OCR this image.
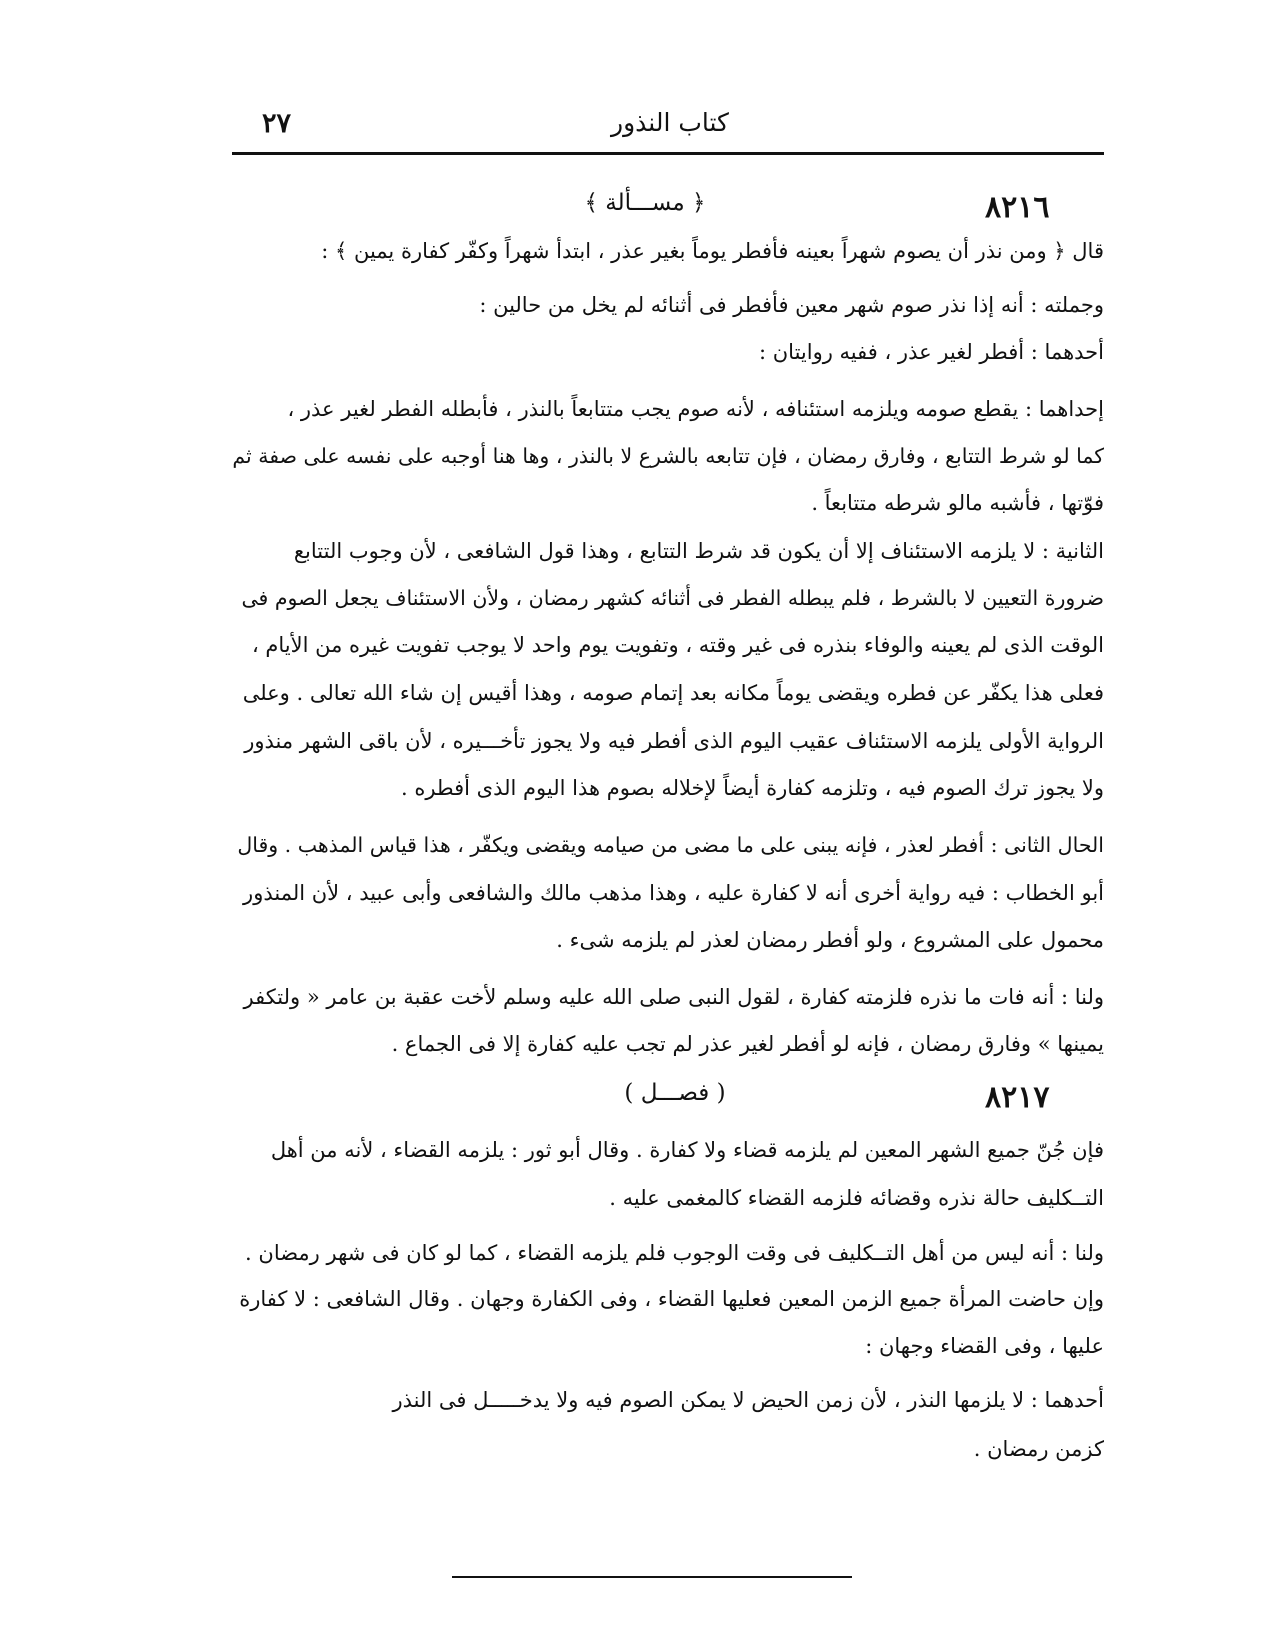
كتاب النذور
٢٧
٨٢١٦
﴿ مســـألة ﴾
قال ﴿ ومن نذر أن يصوم شهراً بعينه فأفطر يوماً بغير عذر ، ابتدأ شهراً وكفّر كفارة يمين ﴾ :
وجملته : أنه إذا نذر صوم شهر معين فأفطر فى أثنائه لم يخل من حالين :
أحدهما : أفطر لغير عذر ، ففيه روايتان :
إحداهما : يقطع صومه ويلزمه استئنافه ، لأنه صوم يجب متتابعاً بالنذر ، فأبطله الفطر لغير عذر ،
كما لو شرط التتابع ، وفارق رمضان ، فإن تتابعه بالشرع لا بالنذر ، وها هنا أوجبه على نفسه على صفة ثم
فوّتها ، فأشبه مالو شرطه متتابعاً .
الثانية : لا يلزمه الاستئناف إلا أن يكون قد شرط التتابع ، وهذا قول الشافعى ، لأن وجوب التتابع
ضرورة التعيين لا بالشرط ، فلم يبطله الفطر فى أثنائه كشهر رمضان ، ولأن الاستئناف يجعل الصوم فى
الوقت الذى لم يعينه والوفاء بنذره فى غير وقته ، وتفويت يوم واحد لا يوجب تفويت غيره من الأيام ،
فعلى هذا يكفّر عن فطره ويقضى يوماً مكانه بعد إتمام صومه ، وهذا أقيس إن شاء الله تعالى . وعلى
الرواية الأولى يلزمه الاستئناف عقيب اليوم الذى أفطر فيه ولا يجوز تأخـــيره ، لأن باقى الشهر منذور
ولا يجوز ترك الصوم فيه ، وتلزمه كفارة أيضاً لإخلاله بصوم هذا اليوم الذى أفطره .
الحال الثانى : أفطر لعذر ، فإنه يبنى على ما مضى من صيامه ويقضى ويكفّر ، هذا قياس المذهب . وقال
أبو الخطاب : فيه رواية أخرى أنه لا كفارة عليه ، وهذا مذهب مالك والشافعى وأبى عبيد ، لأن المنذور
محمول على المشروع ، ولو أفطر رمضان لعذر لم يلزمه شىء .
ولنا : أنه فات ما نذره فلزمته كفارة ، لقول النبى صلى الله عليه وسلم لأخت عقبة بن عامر « ولتكفر
يمينها » وفارق رمضان ، فإنه لو أفطر لغير عذر لم تجب عليه كفارة إلا فى الجماع .
٨٢١٧
( فصـــل )
فإن جُنّ جميع الشهر المعين لم يلزمه قضاء ولا كفارة . وقال أبو ثور : يلزمه القضاء ، لأنه من أهل
التــكليف حالة نذره وقضائه فلزمه القضاء كالمغمى عليه .
ولنا : أنه ليس من أهل التــكليف فى وقت الوجوب فلم يلزمه القضاء ، كما لو كان فى شهر رمضان .
وإن حاضت المرأة جميع الزمن المعين فعليها القضاء ، وفى الكفارة وجهان . وقال الشافعى : لا كفارة
عليها ، وفى القضاء وجهان :
أحدهما : لا يلزمها النذر ، لأن زمن الحيض لا يمكن الصوم فيه ولا يدخـــــل فى النذر
كزمن رمضان .
